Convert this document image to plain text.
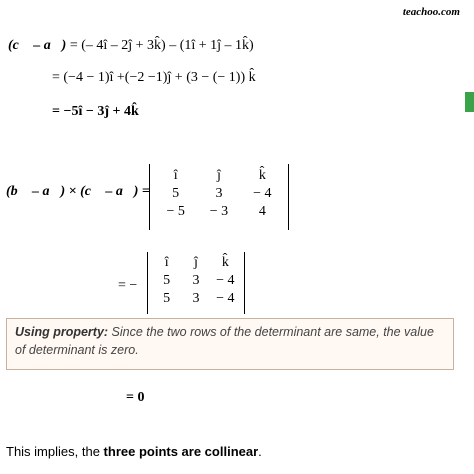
teachoo.com
(c⃗ – a⃗) = (– 4î – 2ĵ + 3k̂) – (1î + 1ĵ – 1k̂)
= (−4 − 1)î +(−2 −1)ĵ + (3 − (− 1)) k̂
= −5î − 3ĵ + 4k̂
(b⃗ – a⃗) × (c⃗ – a⃗) =
î	ĵ	k̂
5	3	− 4
− 5	− 3	4
= −
î	ĵ	k̂
5	3	− 4
5	3	− 4
Using property: Since the two rows of the determinant are same, the value of determinant is zero.
= 0⃗
This implies, the three points are collinear.
